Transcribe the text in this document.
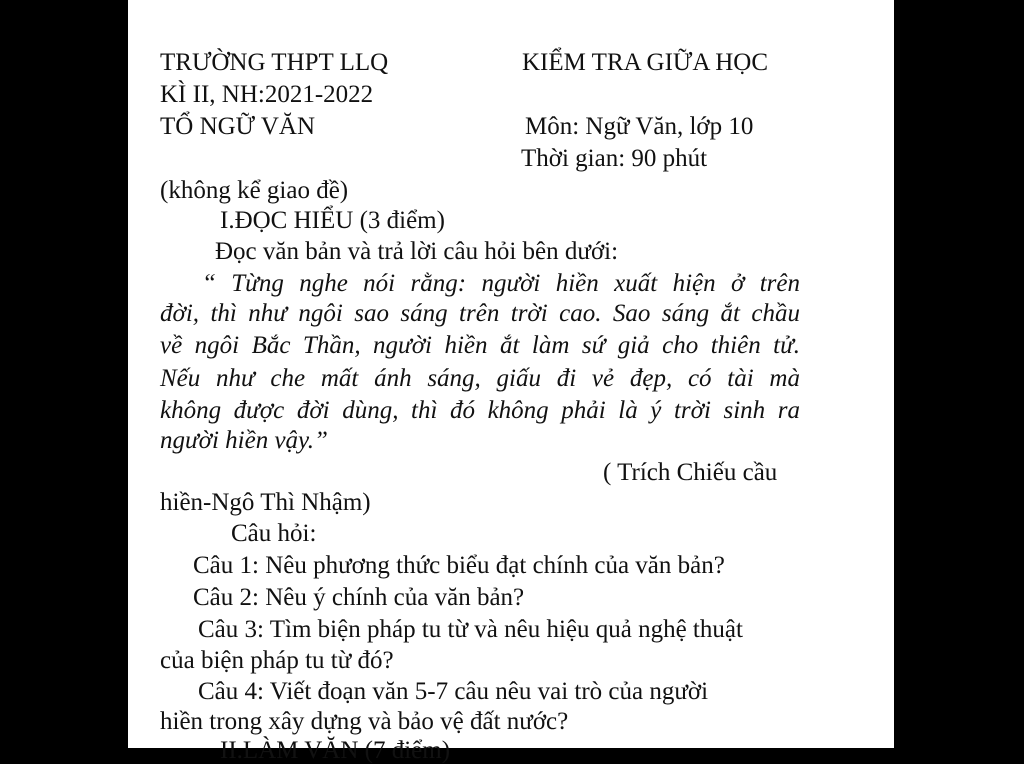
TRƯỜNG THPT LLQ	KIỂM TRA GIỮA HỌC
KÌ II, NH:2021-2022
TỔ NGỮ VĂN	Môn: Ngữ Văn, lớp 10
Thời gian: 90 phút
(không kể giao đề)
I.ĐỌC HIỂU (3 điểm)
Đọc văn bản và trả lời câu hỏi bên dưới:
“ Từng nghe nói rằng: người hiền xuất hiện ở trên
đời, thì như ngôi sao sáng trên trời cao. Sao sáng ắt chầu
về ngôi Bắc Thần, người hiền ắt làm sứ giả cho thiên tử.
Nếu như che mất ánh sáng, giấu đi vẻ đẹp, có tài mà
không được đời dùng, thì đó không phải là ý trời sinh ra
người hiền vậy.”
( Trích Chiếu cầu
hiền-Ngô Thì Nhậm)
Câu hỏi:
Câu 1: Nêu phương thức biểu đạt chính của văn bản?
Câu 2: Nêu ý chính của văn bản?
Câu 3: Tìm biện pháp tu từ và nêu hiệu quả nghệ thuật
của biện pháp tu từ đó?
Câu 4: Viết đoạn văn 5-7 câu nêu vai trò của người
hiền trong xây dựng và bảo vệ đất nước?
II.LÀM VĂN (7 điểm)
